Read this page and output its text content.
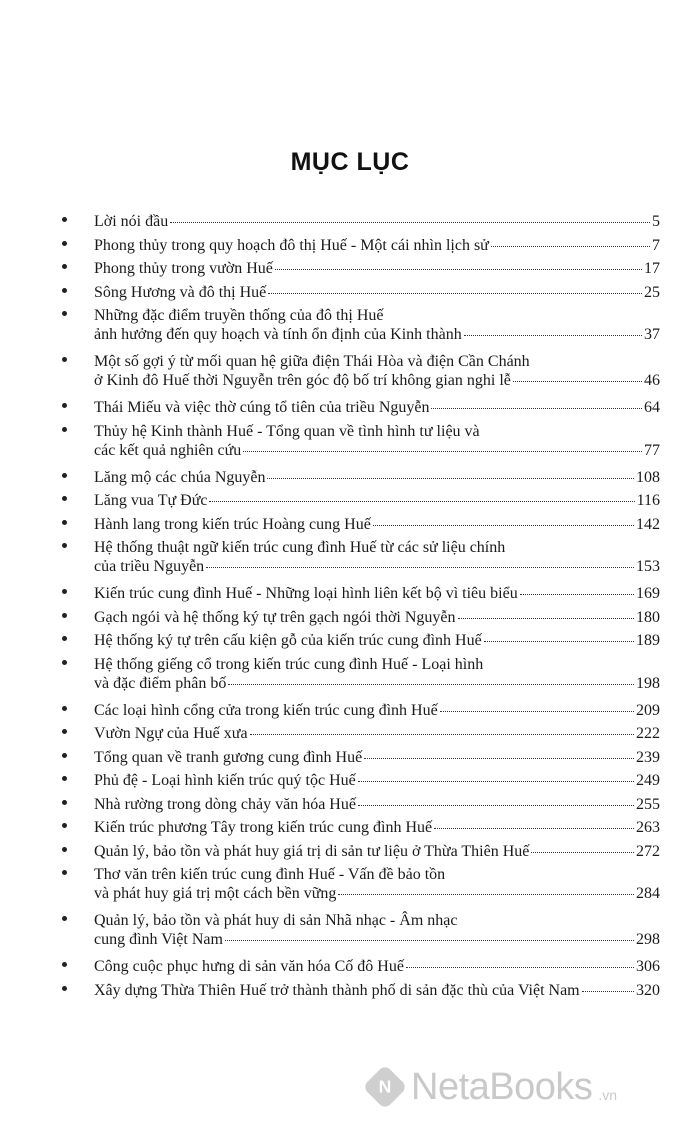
MỤC LỤC
Lời nói đầu	5
Phong thủy trong quy hoạch đô thị Huế - Một cái nhìn lịch sử	7
Phong thủy trong vườn Huế	17
Sông Hương và đô thị Huế	25
Những đặc điểm truyền thống của đô thị Huế
ảnh hưởng đến quy hoạch và tính ổn định của Kinh thành	37
Một số gợi ý từ mối quan hệ giữa điện Thái Hòa và điện Cần Chánh
ở Kinh đô Huế thời Nguyễn trên góc độ bố trí không gian nghi lễ	46
Thái Miếu và việc thờ cúng tổ tiên của triều Nguyễn	64
Thủy hệ Kinh thành Huế - Tổng quan về tình hình tư liệu và
các kết quả nghiên cứu	77
Lăng mộ các chúa Nguyễn	108
Lăng vua Tự Đức	116
Hành lang trong kiến trúc Hoàng cung Huế	142
Hệ thống thuật ngữ kiến trúc cung đình Huế từ các sử liệu chính
của triều Nguyễn	153
Kiến trúc cung đình Huế - Những loại hình liên kết bộ vì tiêu biểu	169
Gạch ngói và hệ thống ký tự trên gạch ngói thời Nguyễn	180
Hệ thống ký tự trên cấu kiện gỗ của kiến trúc cung đình Huế	189
Hệ thống giếng cổ trong kiến trúc cung đình Huế - Loại hình
và đặc điểm phân bố	198
Các loại hình cổng cửa trong kiến trúc cung đình Huế	209
Vườn Ngự của Huế xưa	222
Tổng quan về tranh gương cung đình Huế	239
Phủ đệ - Loại hình kiến trúc quý tộc Huế	249
Nhà rường trong dòng chảy văn hóa Huế	255
Kiến trúc phương Tây trong kiến trúc cung đình Huế	263
Quản lý, bảo tồn và phát huy giá trị di sản tư liệu ở Thừa Thiên Huế	272
Thơ văn trên kiến trúc cung đình Huế - Vấn đề bảo tồn
và phát huy giá trị một cách bền vững	284
Quản lý, bảo tồn và phát huy di sản Nhã nhạc - Âm nhạc
cung đình Việt Nam	298
Công cuộc phục hưng di sản văn hóa Cố đô Huế	306
Xây dựng Thừa Thiên Huế trở thành thành phố di sản đặc thù của Việt Nam	320
N NetaBooks .vn
